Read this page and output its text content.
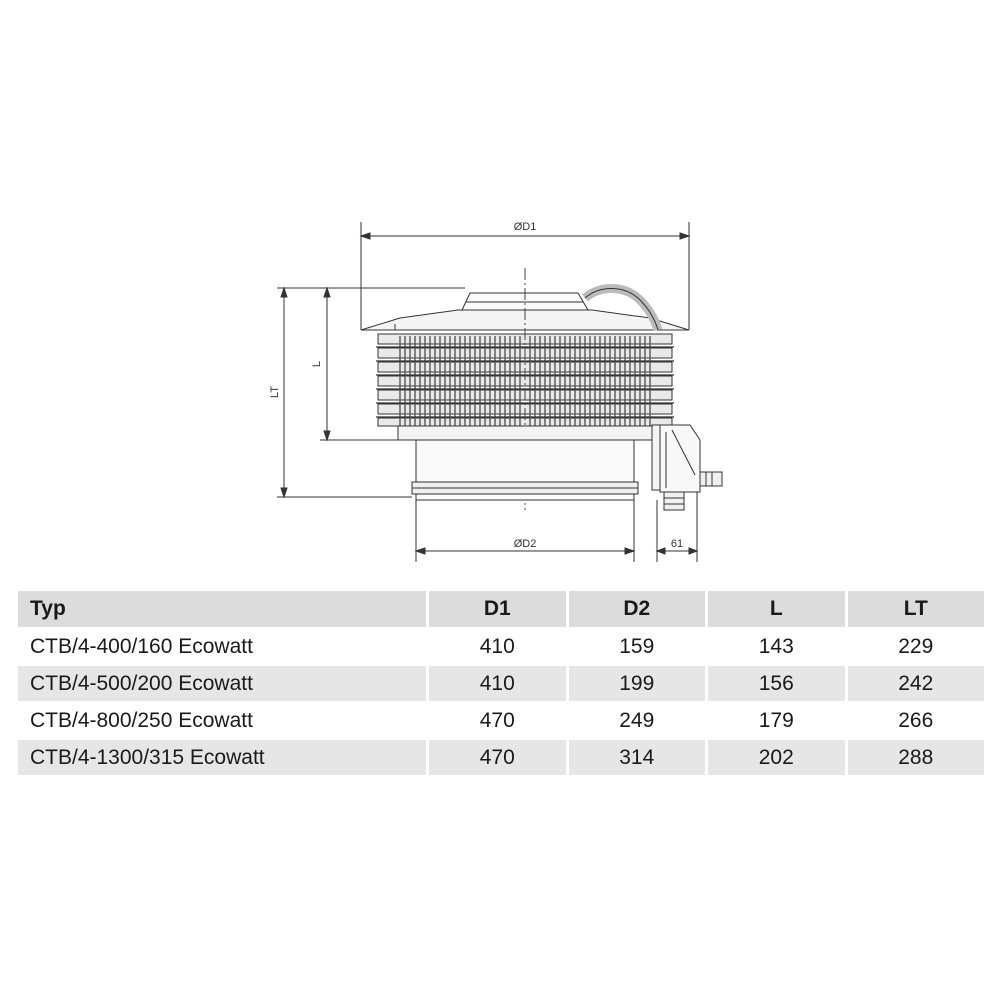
ØD1
ØD2	61
L
LT
Typ	D1	D2	L	LT
CTB/4-400/160 Ecowatt	410	159	143	229
CTB/4-500/200 Ecowatt	410	199	156	242
CTB/4-800/250 Ecowatt	470	249	179	266
CTB/4-1300/315 Ecowatt	470	314	202	288
